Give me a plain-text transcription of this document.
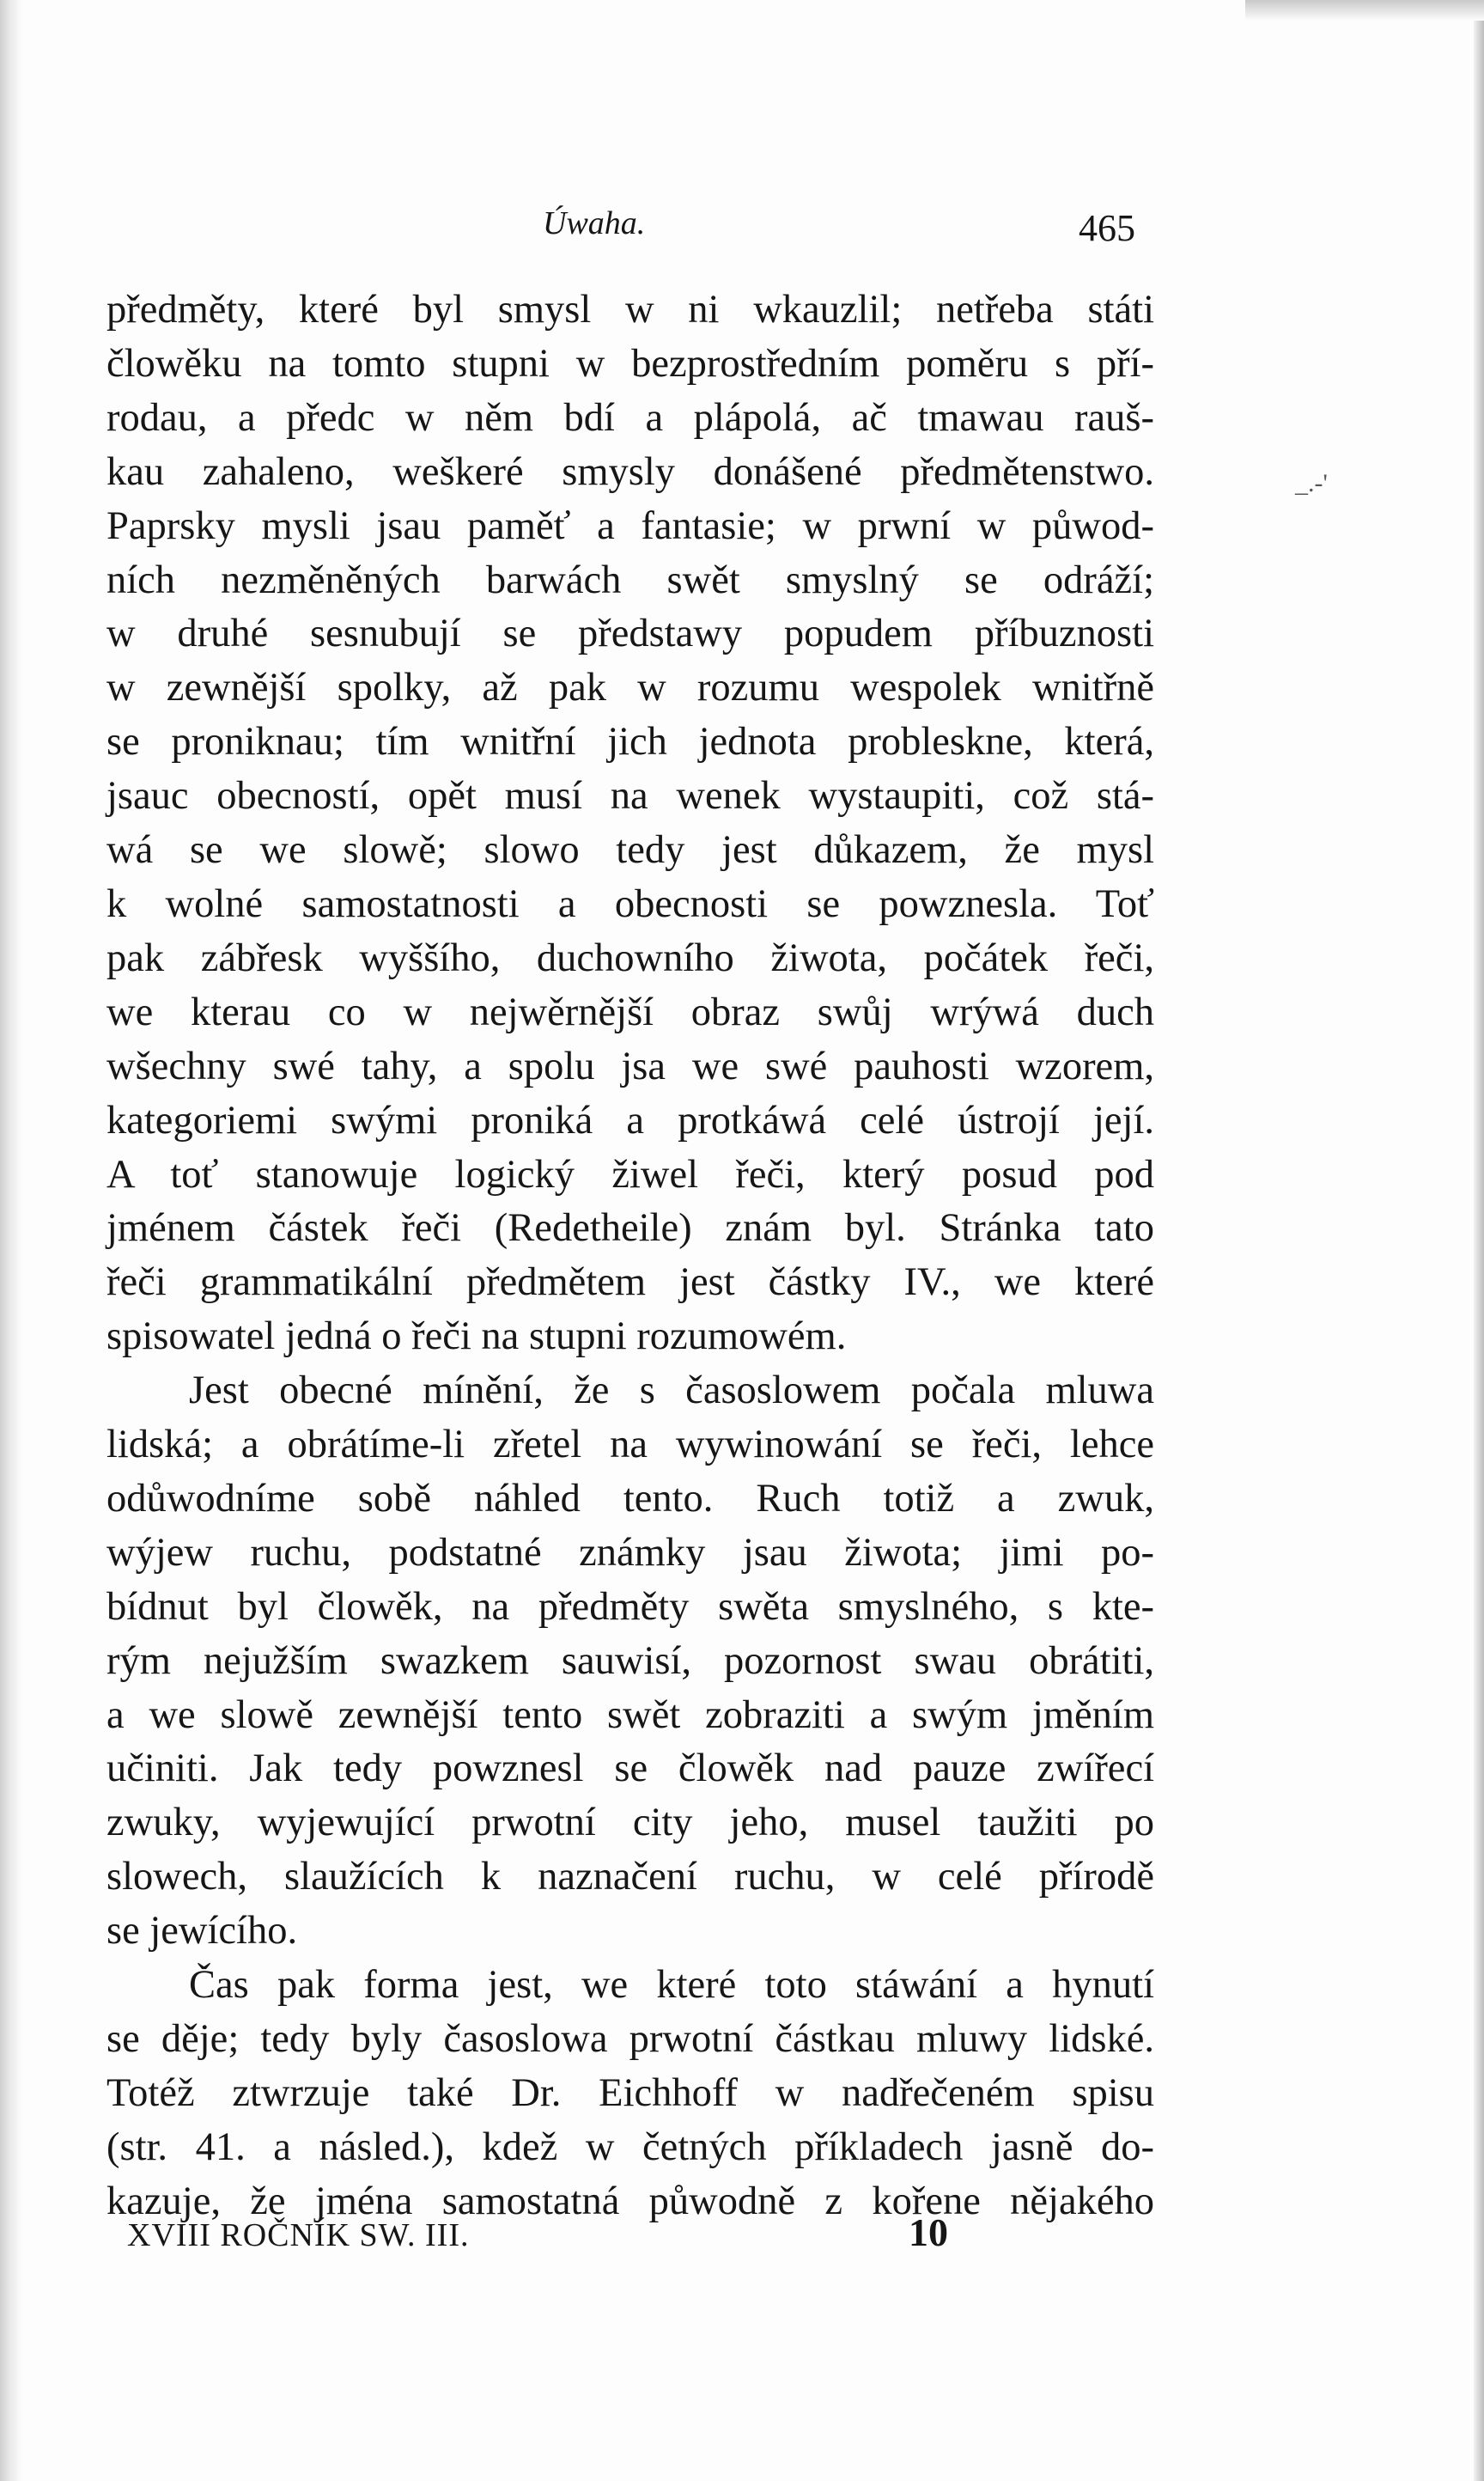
Úwaha.	465
_.-'
předměty, které byl smysl w ni wkauzlil; netřeba státi
člowěku na tomto stupni w bezprostředním poměru s pří-
rodau, a předc w něm bdí a plápolá, ač tmawau rauš-
kau zahaleno, weškeré smysly donášené předmětenstwo.
Paprsky mysli jsau paměť a fantasie; w prwní w půwod-
ních nezměněných barwách swět smyslný se odráží;
w druhé sesnubují se předstawy popudem příbuznosti
w zewnější spolky, až pak w rozumu wespolek wnitřně
se proniknau; tím wnitřní jich jednota probleskne, která,
jsauc obecností, opět musí na wenek wystaupiti, což stá-
wá se we slowě; slowo tedy jest důkazem, že mysl
k wolné samostatnosti a obecnosti se powznesla. Toť
pak zábřesk wyššího, duchowního žiwota, počátek řeči,
we kterau co w nejwěrnější obraz swůj wrýwá duch
wšechny swé tahy, a spolu jsa we swé pauhosti wzorem,
kategoriemi swými proniká a protkáwá celé ústrojí její.
A toť stanowuje logický žiwel řeči, který posud pod
jménem částek řeči (Redetheile) znám byl. Stránka tato
řeči grammatikální předmětem jest částky IV., we které
spisowatel jedná o řeči na stupni rozumowém.
Jest obecné mínění, že s časoslowem počala mluwa
lidská; a obrátíme-li zřetel na wywinowání se řeči, lehce
odůwodníme sobě náhled tento. Ruch totiž a zwuk,
wýjew ruchu, podstatné známky jsau žiwota; jimi po-
bídnut byl člowěk, na předměty swěta smyslného, s kte-
rým nejužším swazkem sauwisí, pozornost swau obrátiti,
a we slowě zewnější tento swět zobraziti a swým jměním
učiniti. Jak tedy powznesl se člowěk nad pauze zwířecí
zwuky, wyjewující prwotní city jeho, musel taužiti po
slowech, slaužících k naznačení ruchu, w celé přírodě
se jewícího.
Čas pak forma jest, we které toto stáwání a hynutí
se děje; tedy byly časoslowa prwotní částkau mluwy lidské.
Totéž ztwrzuje také Dr. Eichhoff w nadřečeném spisu
(str. 41. a násled.), kdež w četných příkladech jasně do-
kazuje, že jména samostatná půwodně z kořene nějakého
XVIII ROČNÍK SW. III.	10
